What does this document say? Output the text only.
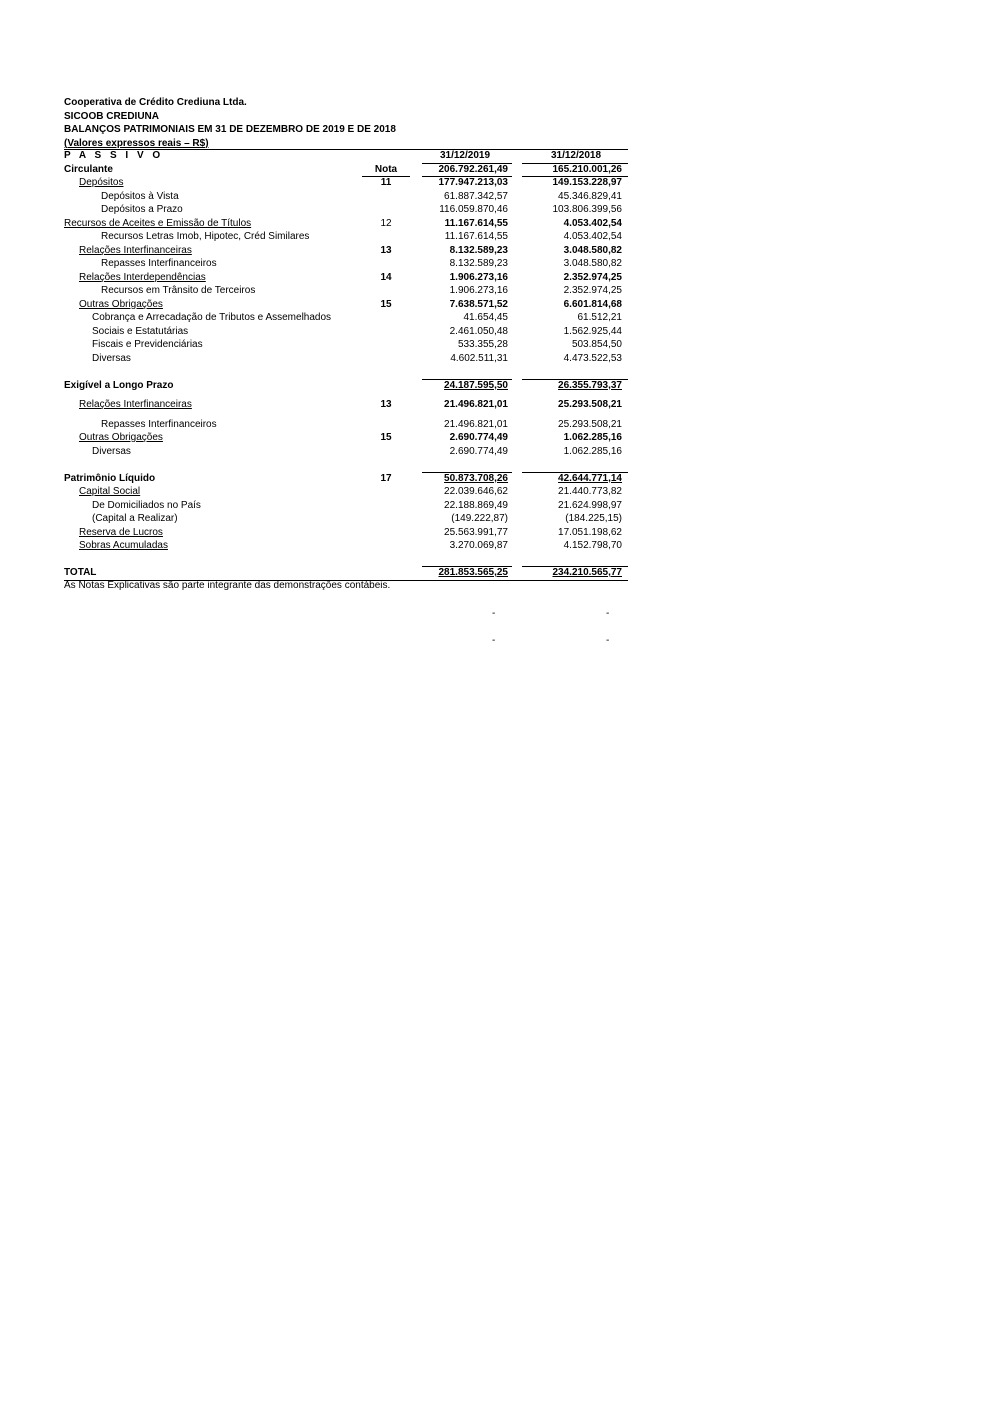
Cooperativa de Crédito Crediuna Ltda.
SICOOB CREDIUNA
BALANÇOS PATRIMONIAIS EM 31 DE DEZEMBRO DE 2019 E DE 2018
(Valores expressos reais – R$)
P A S S I V O	31/12/2019	31/12/2018
Circulante	Nota	206.792.261,49	165.210.001,26
Depósitos	11	177.947.213,03	149.153.228,97
Depósitos à Vista	61.887.342,57	45.346.829,41
Depósitos a Prazo	116.059.870,46	103.806.399,56
Recursos de Aceites e Emissão de Títulos	12	11.167.614,55	4.053.402,54
Recursos Letras Imob, Hipotec, Créd Similares	11.167.614,55	4.053.402,54
Relações Interfinanceiras	13	8.132.589,23	3.048.580,82
Repasses Interfinanceiros	8.132.589,23	3.048.580,82
Relações Interdependências	14	1.906.273,16	2.352.974,25
Recursos em Trânsito de Terceiros	1.906.273,16	2.352.974,25
Outras Obrigações	15	7.638.571,52	6.601.814,68
Cobrança e Arrecadação de Tributos e Assemelhados	41.654,45	61.512,21
Sociais e Estatutárias	2.461.050,48	1.562.925,44
Fiscais e Previdenciárias	533.355,28	503.854,50
Diversas	4.602.511,31	4.473.522,53
Exigível a Longo Prazo	24.187.595,50	26.355.793,37
Relações Interfinanceiras	13	21.496.821,01	25.293.508,21
Repasses Interfinanceiros	21.496.821,01	25.293.508,21
Outras Obrigações	15	2.690.774,49	1.062.285,16
Diversas	2.690.774,49	1.062.285,16
Patrimônio Líquido	17	50.873.708,26	42.644.771,14
Capital Social	22.039.646,62	21.440.773,82
De Domiciliados no País	22.188.869,49	21.624.998,97
(Capital a Realizar)	(149.222,87)	(184.225,15)
Reserva de Lucros	25.563.991,77	17.051.198,62
Sobras Acumuladas	3.270.069,87	4.152.798,70
TOTAL	281.853.565,25	234.210.565,77
As Notas Explicativas são parte integrante das demonstrações contábeis.
-	-
-	-
